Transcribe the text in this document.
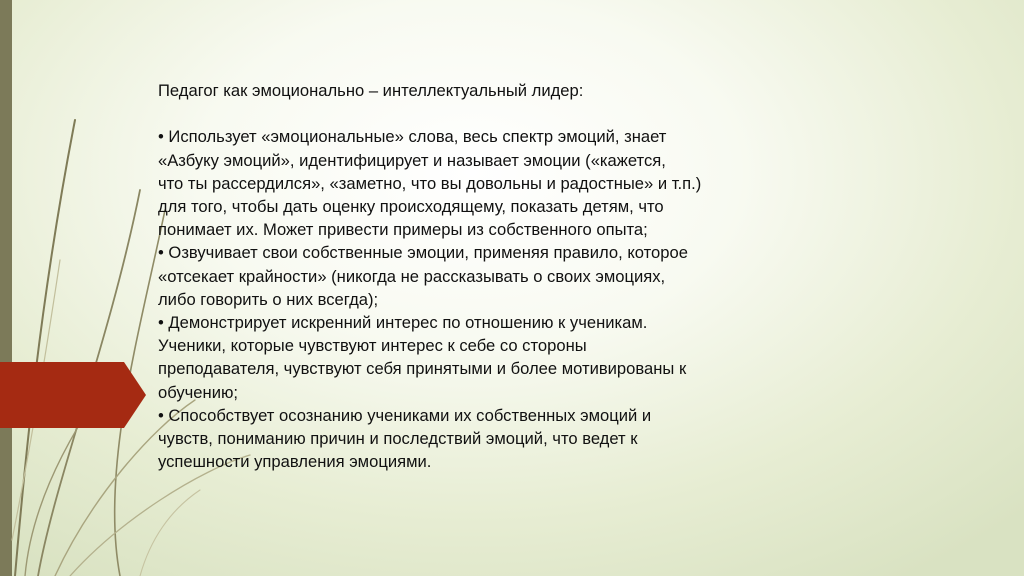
Педагог как эмоционально – интеллектуальный лидер:
• Использует «эмоциональные» слова, весь спектр эмоций, знает
«Азбуку эмоций», идентифицирует и называет эмоции («кажется,
что ты рассердился», «заметно, что вы довольны и радостные» и т.п.)
для того, чтобы дать оценку происходящему, показать детям, что
понимает их. Может привести примеры из собственного опыта;
• Озвучивает свои собственные эмоции, применяя правило, которое
«отсекает крайности» (никогда не рассказывать о своих эмоциях,
либо говорить о них всегда);
• Демонстрирует искренний интерес по отношению к ученикам.
Ученики, которые чувствуют интерес к себе со стороны
преподавателя, чувствуют себя принятыми и более мотивированы к
обучению;
• Способствует осознанию учениками их собственных эмоций и
чувств, пониманию причин и последствий эмоций, что ведет к
успешности управления эмоциями.
